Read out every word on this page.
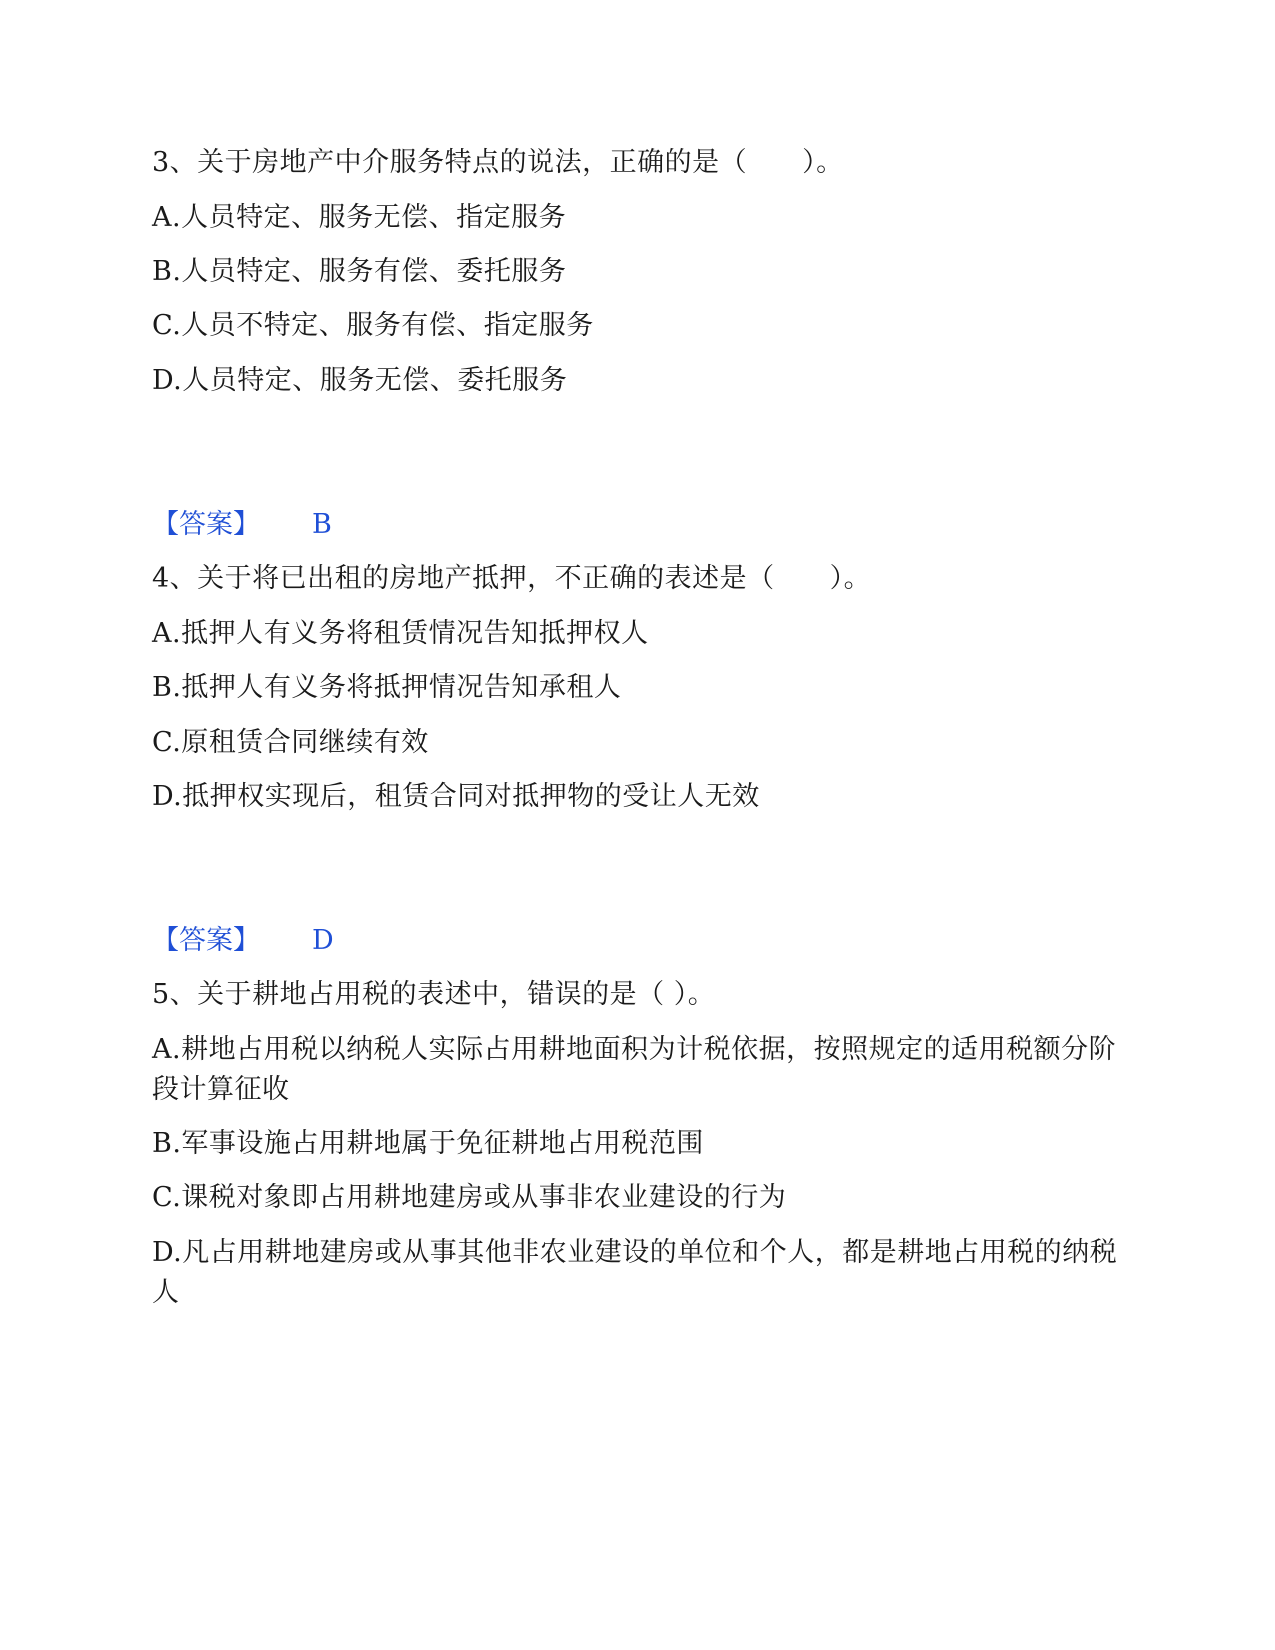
3、关于房地产中介服务特点的说法，正确的是（　　）。
A.人员特定、服务无偿、指定服务
B.人员特定、服务有偿、委托服务
C.人员不特定、服务有偿、指定服务
D.人员特定、服务无偿、委托服务
【答案】 B
4、关于将已出租的房地产抵押，不正确的表述是（　　）。
A.抵押人有义务将租赁情况告知抵押权人
B.抵押人有义务将抵押情况告知承租人
C.原租赁合同继续有效
D.抵押权实现后，租赁合同对抵押物的受让人无效
【答案】 D
5、关于耕地占用税的表述中，错误的是（ ）。
A.耕地占用税以纳税人实际占用耕地面积为计税依据，按照规定的适用税额分阶段计算征收
B.军事设施占用耕地属于免征耕地占用税范围
C.课税对象即占用耕地建房或从事非农业建设的行为
D.凡占用耕地建房或从事其他非农业建设的单位和个人，都是耕地占用税的纳税人
